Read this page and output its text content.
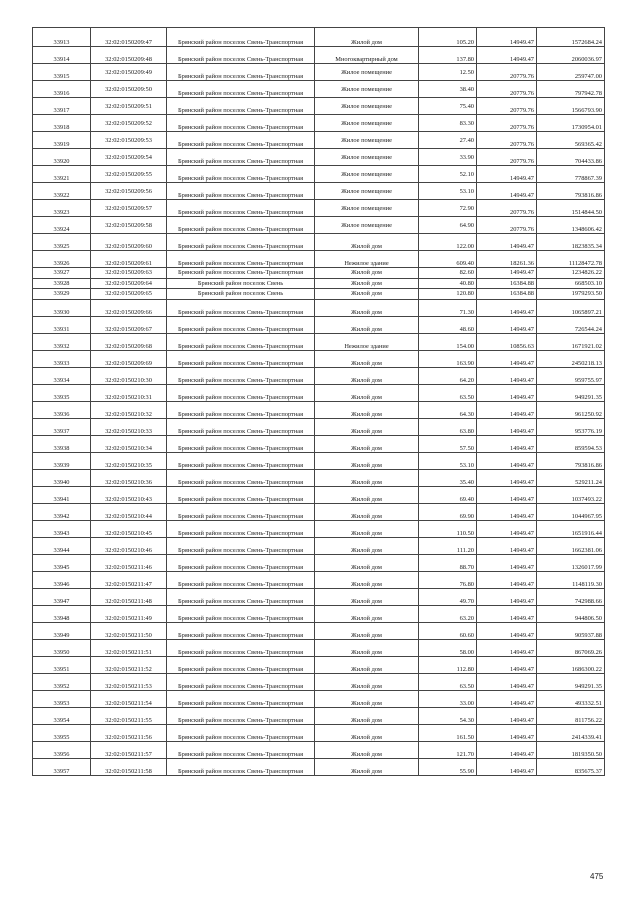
33913	32:02:0150209:47	Брянский район поселок Свень-Транспортная	Жилой дом	105.20	14949.47	1572684.24
33914	32:02:0150209:48	Брянский район поселок Свень-Транспортная	Многоквартирный дом	137.80	14949.47	2060036.97
33915	32:02:0150209:49	Брянский район поселок Свень-Транспортная	Жилое помещение	12.50	20779.76	259747.00
33916	32:02:0150209:50	Брянский район поселок Свень-Транспортная	Жилое помещение	38.40	20779.76	797942.78
33917	32:02:0150209:51	Брянский район поселок Свень-Транспортная	Жилое помещение	75.40	20779.76	1566793.90
33918	32:02:0150209:52	Брянский район поселок Свень-Транспортная	Жилое помещение	83.30	20779.76	1730954.01
33919	32:02:0150209:53	Брянский район поселок Свень-Транспортная	Жилое помещение	27.40	20779.76	569365.42
33920	32:02:0150209:54	Брянский район поселок Свень-Транспортная	Жилое помещение	33.90	20779.76	704433.86
33921	32:02:0150209:55	Брянский район поселок Свень-Транспортная	Жилое помещение	52.10	14949.47	778867.39
33922	32:02:0150209:56	Брянский район поселок Свень-Транспортная	Жилое помещение	53.10	14949.47	793816.86
33923	32:02:0150209:57	Брянский район поселок Свень-Транспортная	Жилое помещение	72.90	20779.76	1514844.50
33924	32:02:0150209:58	Брянский район поселок Свень-Транспортная	Жилое помещение	64.90	20779.76	1348606.42
33925	32:02:0150209:60	Брянский район поселок Свень-Транспортная	Жилой дом	122.00	14949.47	1823835.34
33926	32:02:0150209:61	Брянский район поселок Свень-Транспортная	Нежилое здание	609.40	18261.36	11128472.78
33927	32:02:0150209:63	Брянский район поселок Свень-Транспортная	Жилой дом	82.60	14949.47	1234826.22
33928	32:02:0150209:64	Брянский район поселок Свень	Жилой дом	40.80	16384.88	668503.10
33929	32:02:0150209:65	Брянский район поселок Свень	Жилой дом	120.80	16384.88	1979293.50
33930	32:02:0150209:66	Брянский район поселок Свень-Транспортная	Жилой дом	71.30	14949.47	1065897.21
33931	32:02:0150209:67	Брянский район поселок Свень-Транспортная	Жилой дом	48.60	14949.47	726544.24
33932	32:02:0150209:68	Брянский район поселок Свень-Транспортная	Нежилое здание	154.00	10856.63	1671921.02
33933	32:02:0150209:69	Брянский район поселок Свень-Транспортная	Жилой дом	163.90	14949.47	2450218.13
33934	32:02:0150210:30	Брянский район поселок Свень-Транспортная	Жилой дом	64.20	14949.47	959755.97
33935	32:02:0150210:31	Брянский район поселок Свень-Транспортная	Жилой дом	63.50	14949.47	949291.35
33936	32:02:0150210:32	Брянский район поселок Свень-Транспортная	Жилой дом	64.30	14949.47	961250.92
33937	32:02:0150210:33	Брянский район поселок Свень-Транспортная	Жилой дом	63.80	14949.47	953776.19
33938	32:02:0150210:34	Брянский район поселок Свень-Транспортная	Жилой дом	57.50	14949.47	859594.53
33939	32:02:0150210:35	Брянский район поселок Свень-Транспортная	Жилой дом	53.10	14949.47	793816.86
33940	32:02:0150210:36	Брянский район поселок Свень-Транспортная	Жилой дом	35.40	14949.47	529211.24
33941	32:02:0150210:43	Брянский район поселок Свень-Транспортная	Жилой дом	69.40	14949.47	1037493.22
33942	32:02:0150210:44	Брянский район поселок Свень-Транспортная	Жилой дом	69.90	14949.47	1044967.95
33943	32:02:0150210:45	Брянский район поселок Свень-Транспортная	Жилой дом	110.50	14949.47	1651916.44
33944	32:02:0150210:46	Брянский район поселок Свень-Транспортная	Жилой дом	111.20	14949.47	1662381.06
33945	32:02:0150211:46	Брянский район поселок Свень-Транспортная	Жилой дом	88.70	14949.47	1326017.99
33946	32:02:0150211:47	Брянский район поселок Свень-Транспортная	Жилой дом	76.80	14949.47	1148119.30
33947	32:02:0150211:48	Брянский район поселок Свень-Транспортная	Жилой дом	49.70	14949.47	742988.66
33948	32:02:0150211:49	Брянский район поселок Свень-Транспортная	Жилой дом	63.20	14949.47	944806.50
33949	32:02:0150211:50	Брянский район поселок Свень-Транспортная	Жилой дом	60.60	14949.47	905937.88
33950	32:02:0150211:51	Брянский район поселок Свень-Транспортная	Жилой дом	58.00	14949.47	867069.26
33951	32:02:0150211:52	Брянский район поселок Свень-Транспортная	Жилой дом	112.80	14949.47	1686300.22
33952	32:02:0150211:53	Брянский район поселок Свень-Транспортная	Жилой дом	63.50	14949.47	949291.35
33953	32:02:0150211:54	Брянский район поселок Свень-Транспортная	Жилой дом	33.00	14949.47	493332.51
33954	32:02:0150211:55	Брянский район поселок Свень-Транспортная	Жилой дом	54.30	14949.47	811756.22
33955	32:02:0150211:56	Брянский район поселок Свень-Транспортная	Жилой дом	161.50	14949.47	2414339.41
33956	32:02:0150211:57	Брянский район поселок Свень-Транспортная	Жилой дом	121.70	14949.47	1819350.50
33957	32:02:0150211:58	Брянский район поселок Свень-Транспортная	Жилой дом	55.90	14949.47	835675.37
475
